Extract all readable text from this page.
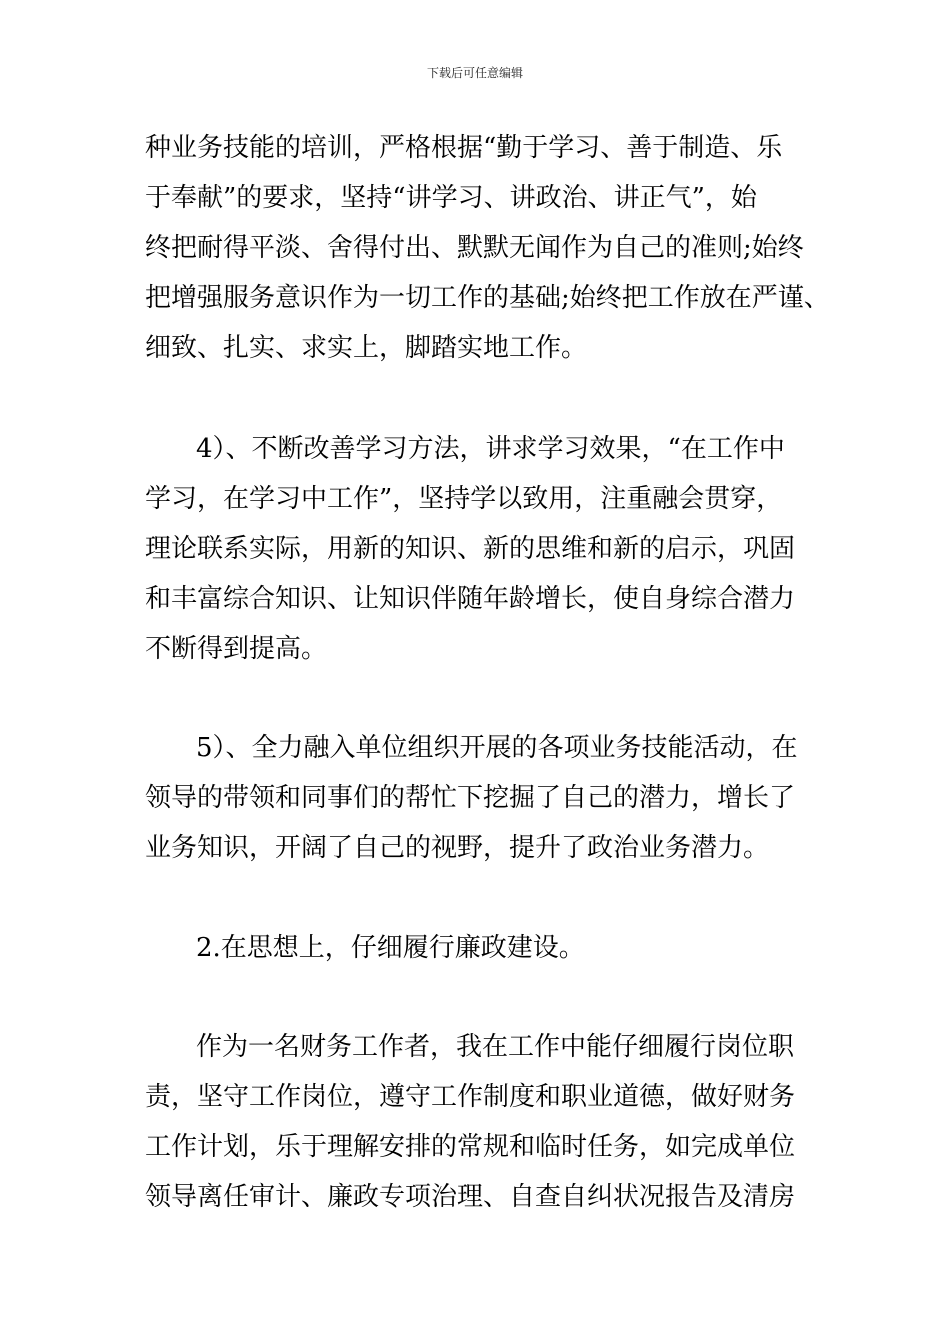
下载后可任意编辑
种业务技能的培训，严格根据“勤于学习、善于制造、乐
于奉献”的要求，坚持“讲学习、讲政治、讲正气”，始
终把耐得平淡、舍得付出、默默无闻作为自己的准则;始终
把增强服务意识作为一切工作的基础;始终把工作放在严谨、
细致、扎实、求实上，脚踏实地工作。
4）、不断改善学习方法，讲求学习效果，“在工作中
学习，在学习中工作”，坚持学以致用，注重融会贯穿，
理论联系实际，用新的知识、新的思维和新的启示，巩固
和丰富综合知识、让知识伴随年龄增长，使自身综合潜力
不断得到提高。
5）、全力融入单位组织开展的各项业务技能活动，在
领导的带领和同事们的帮忙下挖掘了自己的潜力，增长了
业务知识，开阔了自己的视野，提升了政治业务潜力。
2.在思想上，仔细履行廉政建设。
作为一名财务工作者，我在工作中能仔细履行岗位职
责，坚守工作岗位，遵守工作制度和职业道德，做好财务
工作计划，乐于理解安排的常规和临时任务，如完成单位
领导离任审计、廉政专项治理、自查自纠状况报告及清房
